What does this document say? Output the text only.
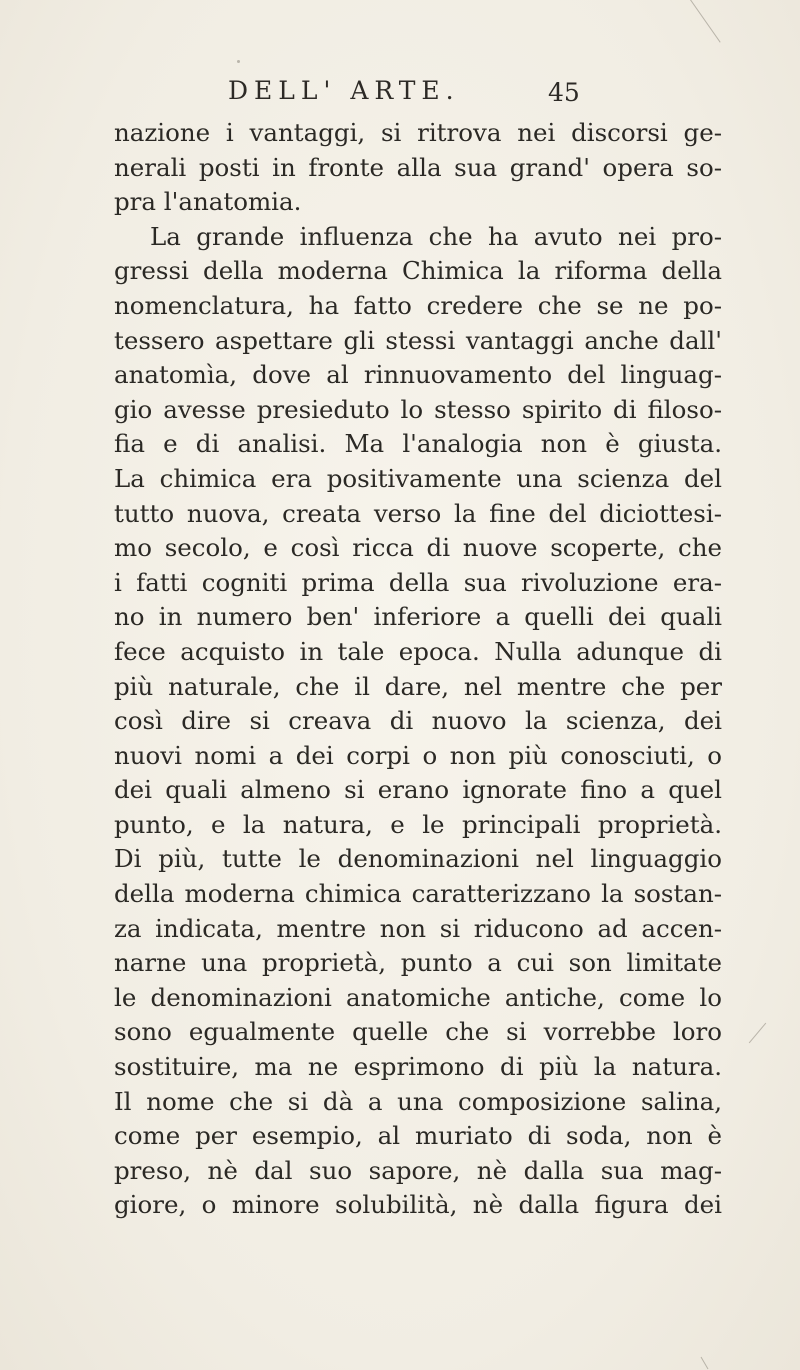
DELL' ARTE.	45
nazione i vantaggi, si ritrova nei discorsi ge-
nerali posti in fronte alla sua grand' opera so-
pra l'anatomia.
La grande influenza che ha avuto nei pro-
gressi della moderna Chimica la riforma della
nomenclatura, ha fatto credere che se ne po-
tessero aspettare gli stessi vantaggi anche dall'
anatomìa, dove al rinnuovamento del linguag-
gio avesse presieduto lo stesso spirito di filoso-
fia e di analisi. Ma l'analogia non è giusta.
La chimica era positivamente una scienza del
tutto nuova, creata verso la fine del diciottesi-
mo secolo, e così ricca di nuove scoperte, che
i fatti cogniti prima della sua rivoluzione era-
no in numero ben' inferiore a quelli dei quali
fece acquisto in tale epoca. Nulla adunque di
più naturale, che il dare, nel mentre che per
così dire si creava di nuovo la scienza, dei
nuovi nomi a dei corpi o non più conosciuti, o
dei quali almeno si erano ignorate fino a quel
punto, e la natura, e le principali proprietà.
Di più, tutte le denominazioni nel linguaggio
della moderna chimica caratterizzano la sostan-
za indicata, mentre non si riducono ad accen-
narne una proprietà, punto a cui son limitate
le denominazioni anatomiche antiche, come lo
sono egualmente quelle che si vorrebbe loro
sostituire, ma ne esprimono di più la natura.
Il nome che si dà a una composizione salina,
come per esempio, al muriato di soda, non è
preso, nè dal suo sapore, nè dalla sua mag-
giore, o minore solubilità, nè dalla figura dei
